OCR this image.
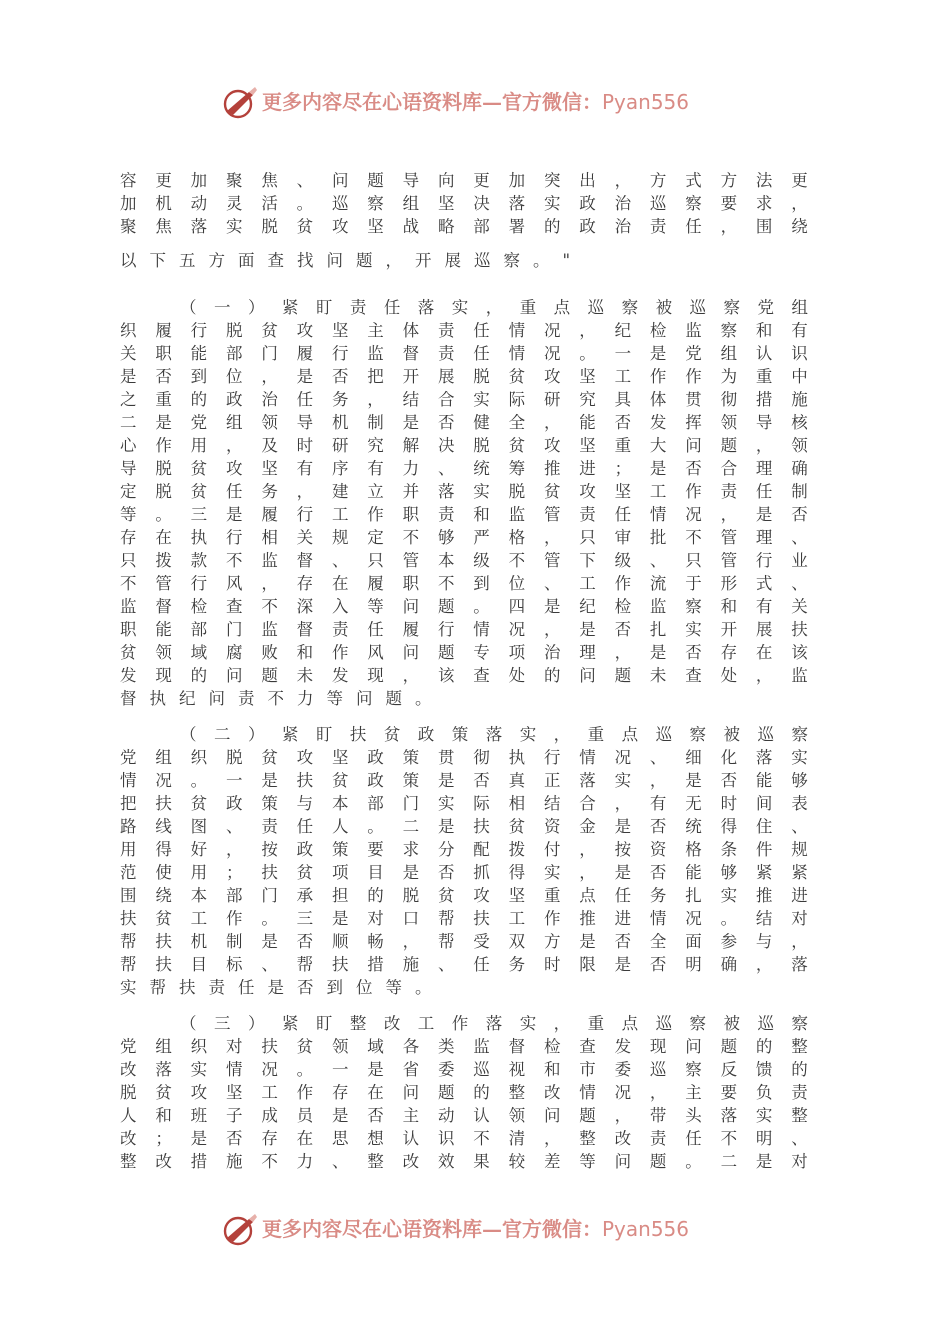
更多内容尽在心语资料库—官方微信：Pyan556
容 更 加 聚 焦 、 问 题 导 向 更 加 突 出 ， 方 式 方 法 更
加 机 动 灵 活 。 巡 察 组 坚 决 落 实 政 治 巡 察 要 求 ，
聚 焦 落 实 脱 贫 攻 坚 战 略 部 署 的 政 治 责 任 ， 围 绕
以 下 五 方 面 查 找 问 题 ， 开 展 巡 察 。 "
（ 一 ） 紧 盯 责 任 落 实 ， 重 点 巡 察 被 巡 察 党 组
织 履 行 脱 贫 攻 坚 主 体 责 任 情 况 ， 纪 检 监 察 和 有
关 职 能 部 门 履 行 监 督 责 任 情 况 。 一 是 党 组 认 识
是 否 到 位 ， 是 否 把 开 展 脱 贫 攻 坚 工 作 作 为 重 中
之 重 的 政 治 任 务 ， 结 合 实 际 研 究 具 体 贯 彻 措 施
二 是 党 组 领 导 机 制 是 否 健 全 ， 能 否 发 挥 领 导 核
心 作 用 ， 及 时 研 究 解 决 脱 贫 攻 坚 重 大 问 题 ， 领
导 脱 贫 攻 坚 有 序 有 力 、 统 筹 推 进 ； 是 否 合 理 确
定 脱 贫 任 务 ， 建 立 并 落 实 脱 贫 攻 坚 工 作 责 任 制
等 。 三 是 履 行 工 作 职 责 和 监 管 责 任 情 况 ， 是 否
存 在 执 行 相 关 规 定 不 够 严 格 ， 只 审 批 不 管 理 、
只 拨 款 不 监 督 、 只 管 本 级 不 管 下 级 、 只 管 行 业
不 管 行 风 ， 存 在 履 职 不 到 位 、 工 作 流 于 形 式 、
监 督 检 查 不 深 入 等 问 题 。 四 是 纪 检 监 察 和 有 关
职 能 部 门 监 督 责 任 履 行 情 况 ， 是 否 扎 实 开 展 扶
贫 领 域 腐 败 和 作 风 问 题 专 项 治 理 ， 是 否 存 在 该
发 现 的 问 题 未 发 现 ， 该 查 处 的 问 题 未 查 处 ， 监
督 执 纪 问 责 不 力 等 问 题 。
（ 二 ） 紧 盯 扶 贫 政 策 落 实 ， 重 点 巡 察 被 巡 察
党 组 织 脱 贫 攻 坚 政 策 贯 彻 执 行 情 况 、 细 化 落 实
情 况 。 一 是 扶 贫 政 策 是 否 真 正 落 实 ， 是 否 能 够
把 扶 贫 政 策 与 本 部 门 实 际 相 结 合 ， 有 无 时 间 表
路 线 图 、 责 任 人 。 二 是 扶 贫 资 金 是 否 统 得 住 、
用 得 好 ， 按 政 策 要 求 分 配 拨 付 ， 按 资 格 条 件 规
范 使 用 ； 扶 贫 项 目 是 否 抓 得 实 ， 是 否 能 够 紧 紧
围 绕 本 部 门 承 担 的 脱 贫 攻 坚 重 点 任 务 扎 实 推 进
扶 贫 工 作 。 三 是 对 口 帮 扶 工 作 推 进 情 况 。 结 对
帮 扶 机 制 是 否 顺 畅 ， 帮 受 双 方 是 否 全 面 参 与 ，
帮 扶 目 标 、 帮 扶 措 施 、 任 务 时 限 是 否 明 确 ， 落
实 帮 扶 责 任 是 否 到 位 等 。
（ 三 ） 紧 盯 整 改 工 作 落 实 ， 重 点 巡 察 被 巡 察
党 组 织 对 扶 贫 领 域 各 类 监 督 检 查 发 现 问 题 的 整
改 落 实 情 况 。 一 是 省 委 巡 视 和 市 委 巡 察 反 馈 的
脱 贫 攻 坚 工 作 存 在 问 题 的 整 改 情 况 ， 主 要 负 责
人 和 班 子 成 员 是 否 主 动 认 领 问 题 ， 带 头 落 实 整
改 ； 是 否 存 在 思 想 认 识 不 清 ， 整 改 责 任 不 明 、
整 改 措 施 不 力 、 整 改 效 果 较 差 等 问 题 。 二 是 对
更多内容尽在心语资料库—官方微信：Pyan556
